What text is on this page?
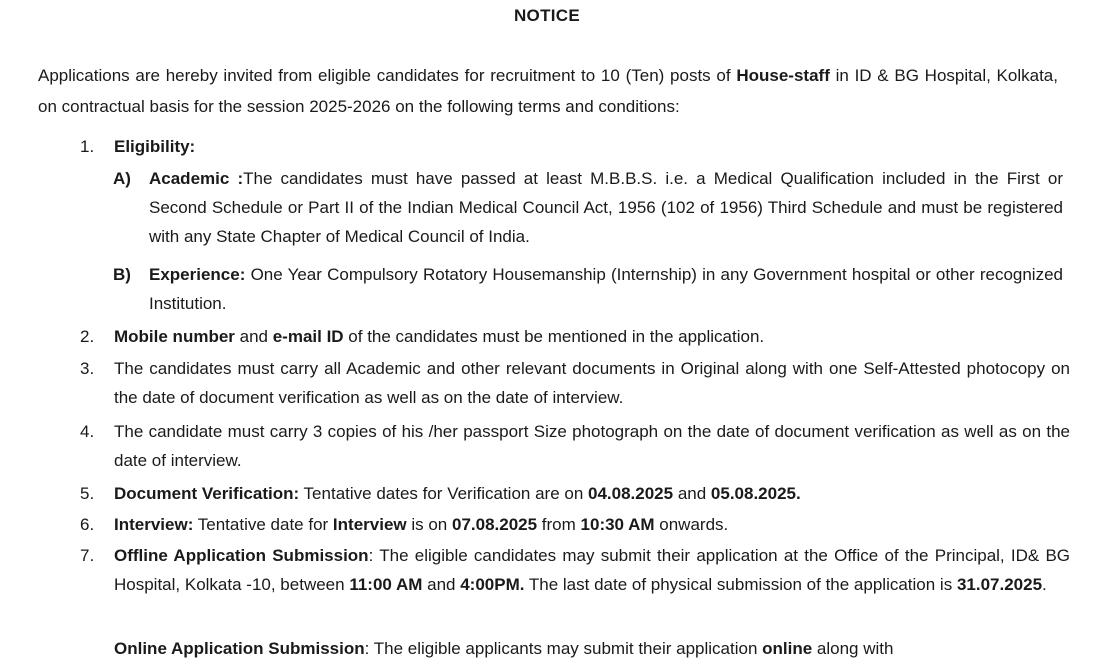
NOTICE
Applications are hereby invited from eligible candidates for recruitment to 10 (Ten) posts of House-staff in ID & BG Hospital, Kolkata, on contractual basis for the session 2025-2026 on the following terms and conditions:
1. Eligibility:
A) Academic :The candidates must have passed at least M.B.B.S. i.e. a Medical Qualification included in the First or Second Schedule or Part II of the Indian Medical Council Act, 1956 (102 of 1956) Third Schedule and must be registered with any State Chapter of Medical Council of India.
B) Experience: One Year Compulsory Rotatory Housemanship (Internship) in any Government hospital or other recognized Institution.
2. Mobile number and e-mail ID of the candidates must be mentioned in the application.
3. The candidates must carry all Academic and other relevant documents in Original along with one Self-Attested photocopy on the date of document verification as well as on the date of interview.
4. The candidate must carry 3 copies of his /her passport Size photograph on the date of document verification as well as on the date of interview.
5. Document Verification: Tentative dates for Verification are on 04.08.2025 and 05.08.2025.
6. Interview: Tentative date for Interview is on 07.08.2025 from 10:30 AM onwards.
7. Offline Application Submission: The eligible candidates may submit their application at the Office of the Principal, ID& BG Hospital, Kolkata -10, between 11:00 AM and 4:00PM. The last date of physical submission of the application is 31.07.2025.
Online Application Submission: The eligible applicants may submit their application online along with
